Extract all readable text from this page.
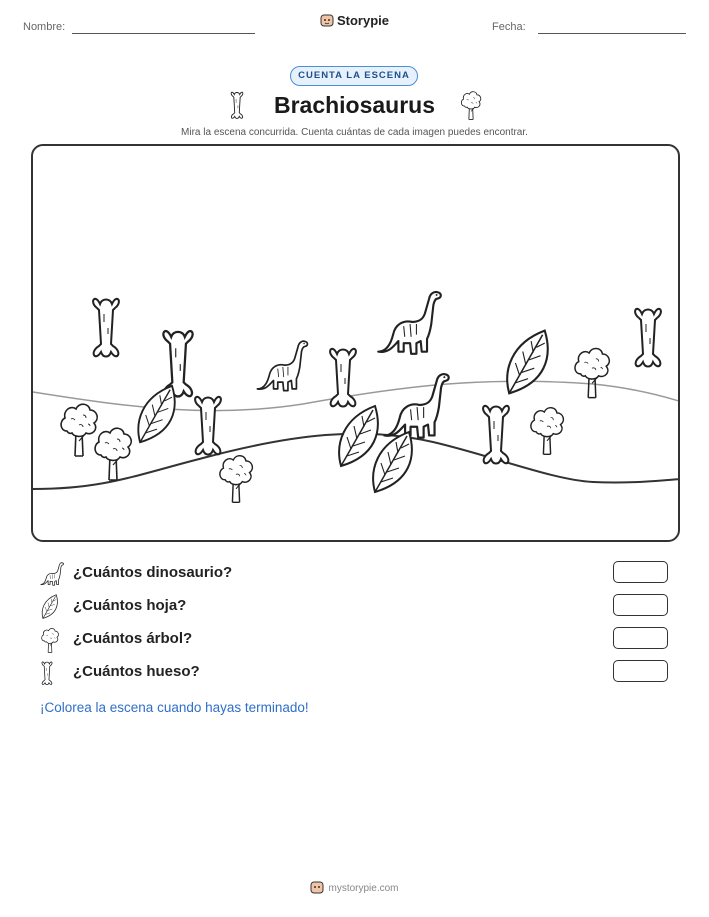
Nombre:	Storypie	Fecha:
CUENTA LA ESCENA
Brachiosaurus
Mira la escena concurrida. Cuenta cuántas de cada imagen puedes encontrar.
¿Cuántos dinosaurio?
¿Cuántos hoja?
¿Cuántos árbol?
¿Cuántos hueso?
¡Colorea la escena cuando hayas terminado!
mystorypie.com
